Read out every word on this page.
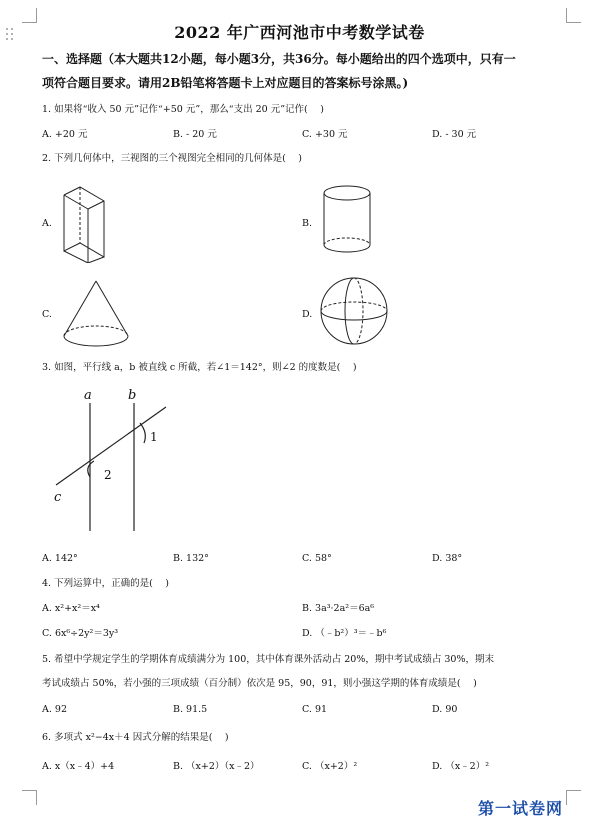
2022 年广西河池市中考数学试卷
一、选择题（本大题共12小题，每小题3分，共36分。每小题给出的四个选项中，只有一
项符合题目要求。请用2B铅笔将答题卡上对应题目的答案标号涂黑。)
1. 如果将“收入 50 元”记作“+50 元”，那么“支出 20 元”记作(　 )
A. +20 元	B. - 20 元	C. +30 元	D. - 30 元
2. 下列几何体中，三视图的三个视图完全相同的几何体是(　 )
A.	B.
C.	D.
3. 如图，平行线 a，b 被直线 c 所截，若∠1＝142°，则∠2 的度数是(　 )
a	b
c
1
2
A. 142°	B. 132°	C. 58°	D. 38°
4. 下列运算中，正确的是(　 )
A. x²+x²＝x⁴	B. 3a³·2a²＝6a⁶
C. 6x⁶÷2y²＝3y³	D. （﹣b²）³＝﹣b⁶
5. 希望中学规定学生的学期体育成绩满分为 100，其中体育课外活动占 20%，期中考试成绩占 30%，期末
考试成绩占 50%，若小强的三项成绩（百分制）依次是 95，90，91，则小强这学期的体育成绩是(　 )
A. 92	B. 91.5	C. 91	D. 90
6. 多项式 x²−4x＋4 因式分解的结果是(　 )
A. x（x﹣4）+4	B. （x+2）（x﹣2）	C. （x+2）²	D. （x﹣2）²
第一试卷网
